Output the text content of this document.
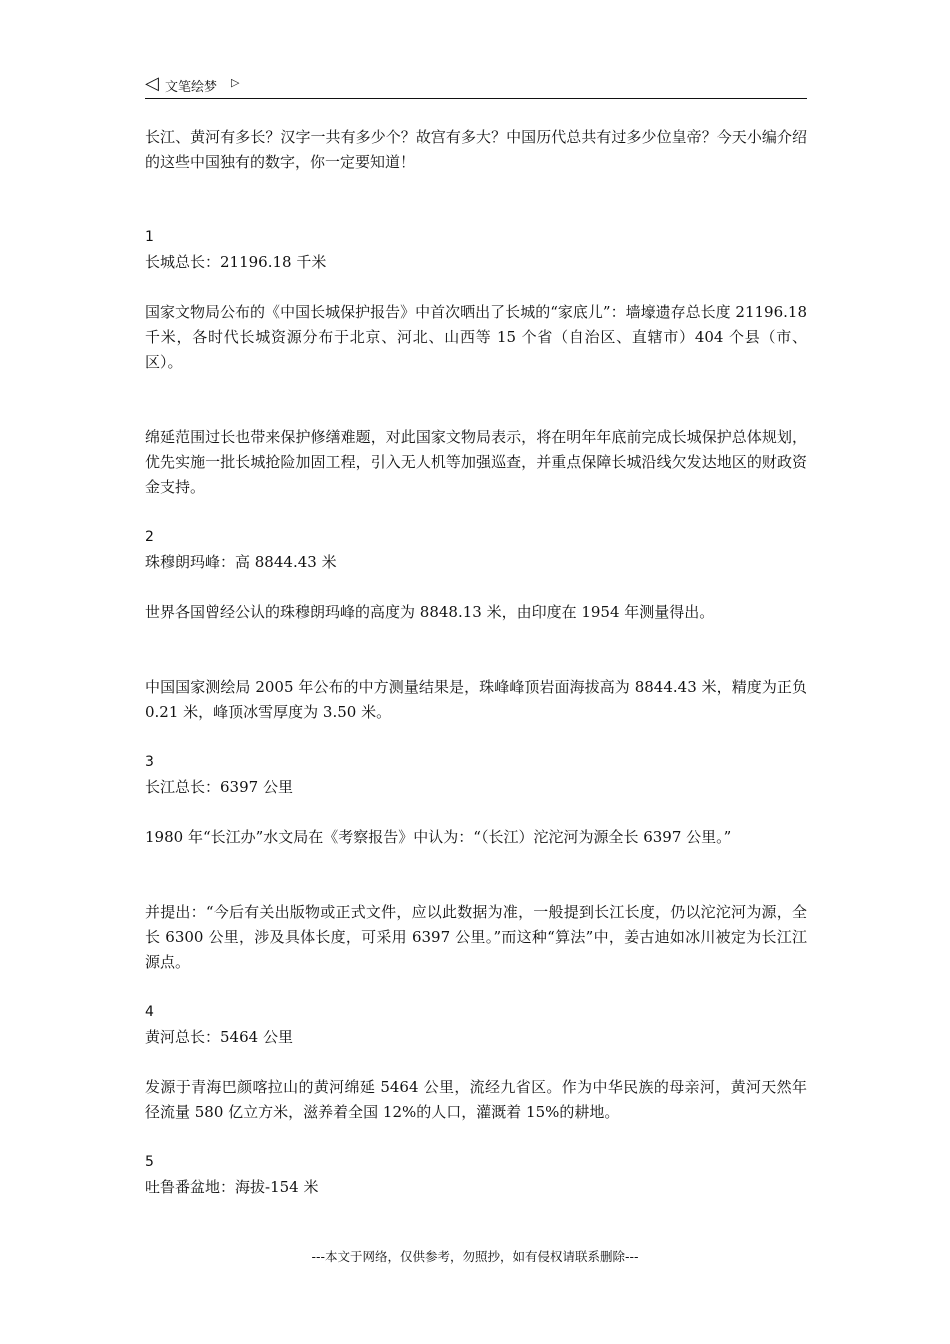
◁ 文笔绘梦 ▷

长江、黄河有多长？汉字一共有多少个？故宫有多大？中国历代总共有过多少位皇帝？今天小编介绍的这些中国独有的数字，你一定要知道！

1

长城总长：21196.18 千米

国家文物局公布的《中国长城保护报告》中首次晒出了长城的“家底儿”：墙壕遗存总长度 21196.18 千米，各时代长城资源分布于北京、河北、山西等 15 个省（自治区、直辖市）404 个县（市、区）。

绵延范围过长也带来保护修缮难题，对此国家文物局表示，将在明年年底前完成长城保护总体规划，优先实施一批长城抢险加固工程，引入无人机等加强巡查，并重点保障长城沿线欠发达地区的财政资金支持。

2

珠穆朗玛峰：高 8844.43 米

世界各国曾经公认的珠穆朗玛峰的高度为 8848.13 米，由印度在 1954 年测量得出。

中国国家测绘局 2005 年公布的中方测量结果是，珠峰峰顶岩面海拔高为 8844.43 米，精度为正负 0.21 米，峰顶冰雪厚度为 3.50 米。

3

长江总长：6397 公里

1980 年“长江办”水文局在《考察报告》中认为：“（长江）沱沱河为源全长 6397 公里。”

并提出：“今后有关出版物或正式文件，应以此数据为准，一般提到长江长度，仍以沱沱河为源，全长 6300 公里，涉及具体长度，可采用 6397 公里。”而这种“算法”中，姜古迪如冰川被定为长江江源点。

4

黄河总长：5464 公里

发源于青海巴颜喀拉山的黄河绵延 5464 公里，流经九省区。作为中华民族的母亲河，黄河天然年径流量 580 亿立方米，滋养着全国 12%的人口，灌溉着 15%的耕地。

5

吐鲁番盆地：海拔-154 米

---本文于网络，仅供参考，勿照抄，如有侵权请联系删除---
